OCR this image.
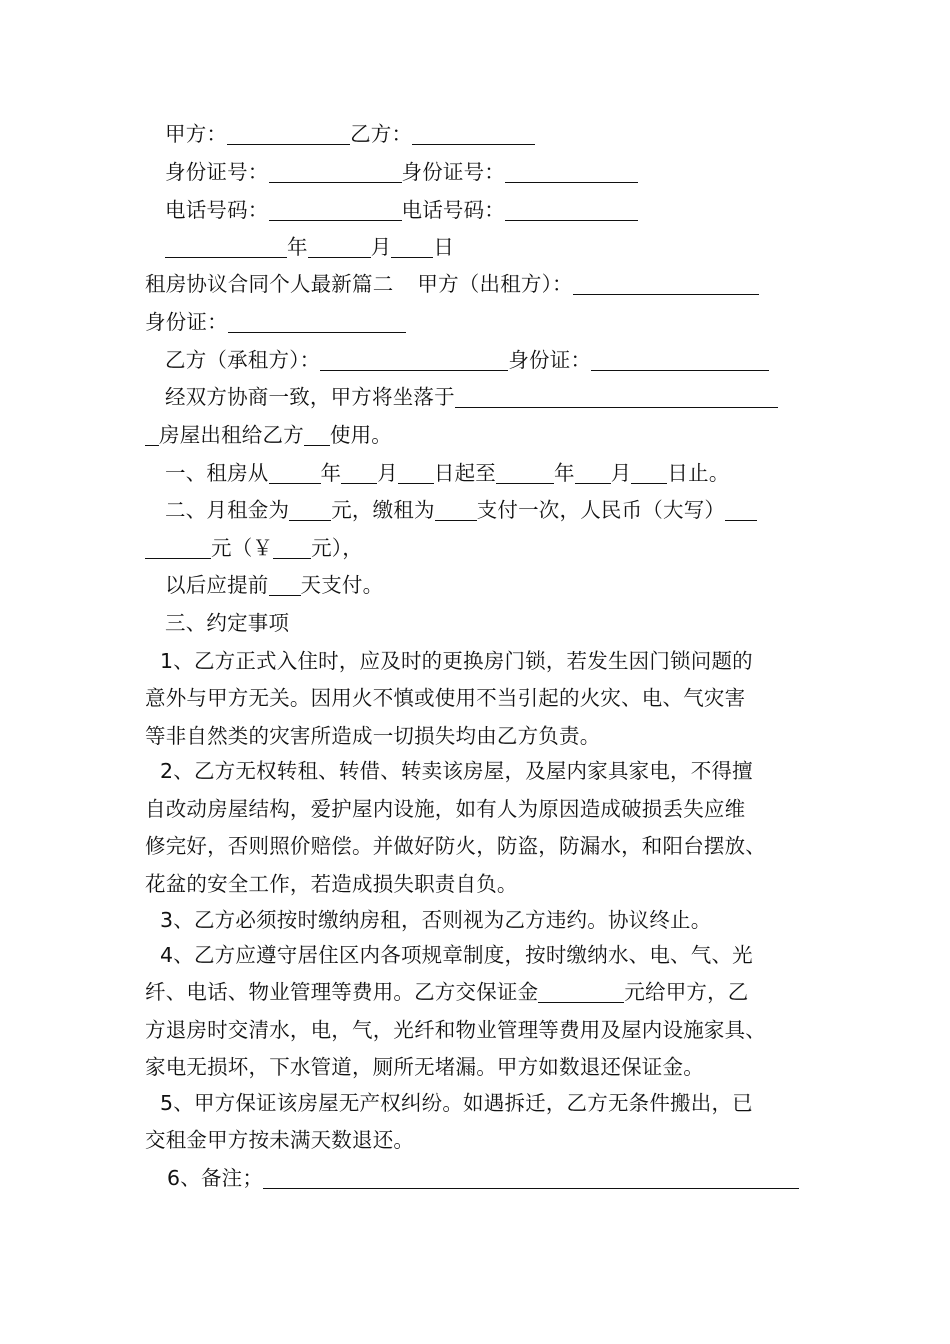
甲方：	乙方：
身份证号：	身份证号：
电话号码：	电话号码：
年	月 日
租房协议合同个人最新篇二 甲方（出租方）：
身份证：
乙方（承租方）：	身份证：
经双方协商一致，甲方将坐落于
房屋出租给乙方 使用。
一、租房从	年 月 日起至	年 月 日止。
二、月租金为 元，缴租为 支付一次，人民币（大写）
元（￥ 元），
以后应提前 天支付。
三、约定事项
1、乙方正式入住时，应及时的更换房门锁，若发生因门锁问题的
意外与甲方无关。因用火不慎或使用不当引起的火灾、电、气灾害
等非自然类的灾害所造成一切损失均由乙方负责。
2、乙方无权转租、转借、转卖该房屋，及屋内家具家电，不得擅
自改动房屋结构，爱护屋内设施，如有人为原因造成破损丢失应维
修完好，否则照价赔偿。并做好防火，防盗，防漏水，和阳台摆放、
花盆的安全工作，若造成损失职责自负。
3、乙方必须按时缴纳房租，否则视为乙方违约。协议终止。
4、乙方应遵守居住区内各项规章制度，按时缴纳水、电、气、光
纤、电话、物业管理等费用。乙方交保证金	元给甲方，乙
方退房时交清水，电，气，光纤和物业管理等费用及屋内设施家具、
家电无损坏，下水管道，厕所无堵漏。甲方如数退还保证金。
5、甲方保证该房屋无产权纠纷。如遇拆迁，乙方无条件搬出，已
交租金甲方按未满天数退还。
6、备注；
